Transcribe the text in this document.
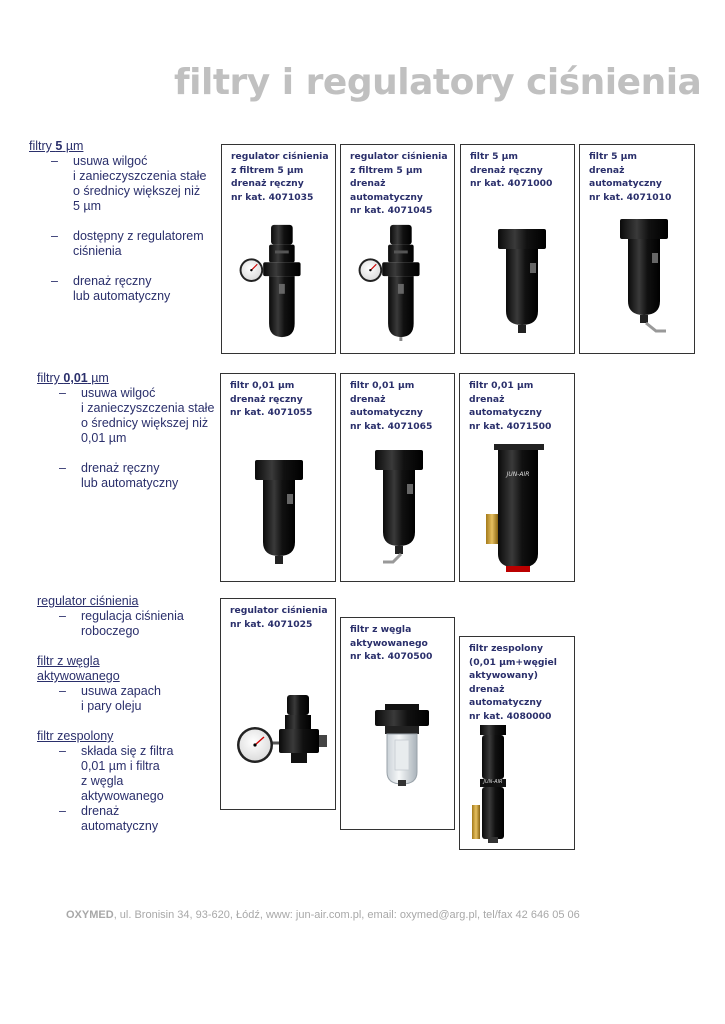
filtry i regulatory ciśnienia

filtry 5 µm

– usuwa wilgoć
i zanieczyszczenia stałe
o średnicy większej niż
5 µm
– dostępny z regulatorem
ciśnienia
– drenaż ręczny
lub automatyczny

filtry 0,01 µm

– usuwa wilgoć
i zanieczyszczenia stałe
o średnicy większej niż
0,01 µm
– drenaż ręczny
lub automatyczny

regulator ciśnienia

– regulacja ciśnienia
roboczego

filtr z węgla
aktywowanego

– usuwa zapach
i pary oleju

filtr zespolony

– składa się z filtra
0,01 µm i filtra
z węgla
aktywowanego
– drenaż
automatyczny
regulator ciśnienia
z filtrem 5 µm
drenaż ręczny
nr kat. 4071035
regulator ciśnienia
z filtrem 5 µm
drenaż
automatyczny
nr kat. 4071045
filtr 5 µm
drenaż ręczny
nr kat. 4071000
filtr 5 µm
drenaż
automatyczny
nr kat. 4071010
filtr 0,01 µm
drenaż ręczny
nr kat. 4071055
filtr 0,01 µm
drenaż
automatyczny
nr kat. 4071065
filtr 0,01 µm
drenaż
automatyczny
nr kat. 4071500
JUN-AIR
regulator ciśnienia
nr kat. 4071025	filtr z węgla
aktywowanego
nr kat. 4070500
filtr zespolony
(0,01 µm+węgiel
aktywowany)
drenaż
automatyczny
nr kat. 4080000
JUN-AIR
OXYMED, ul. Bronisin 34, 93-620, Łódź, www: jun-air.com.pl, email: oxymed@arg.pl, tel/fax 42 646 05 06
